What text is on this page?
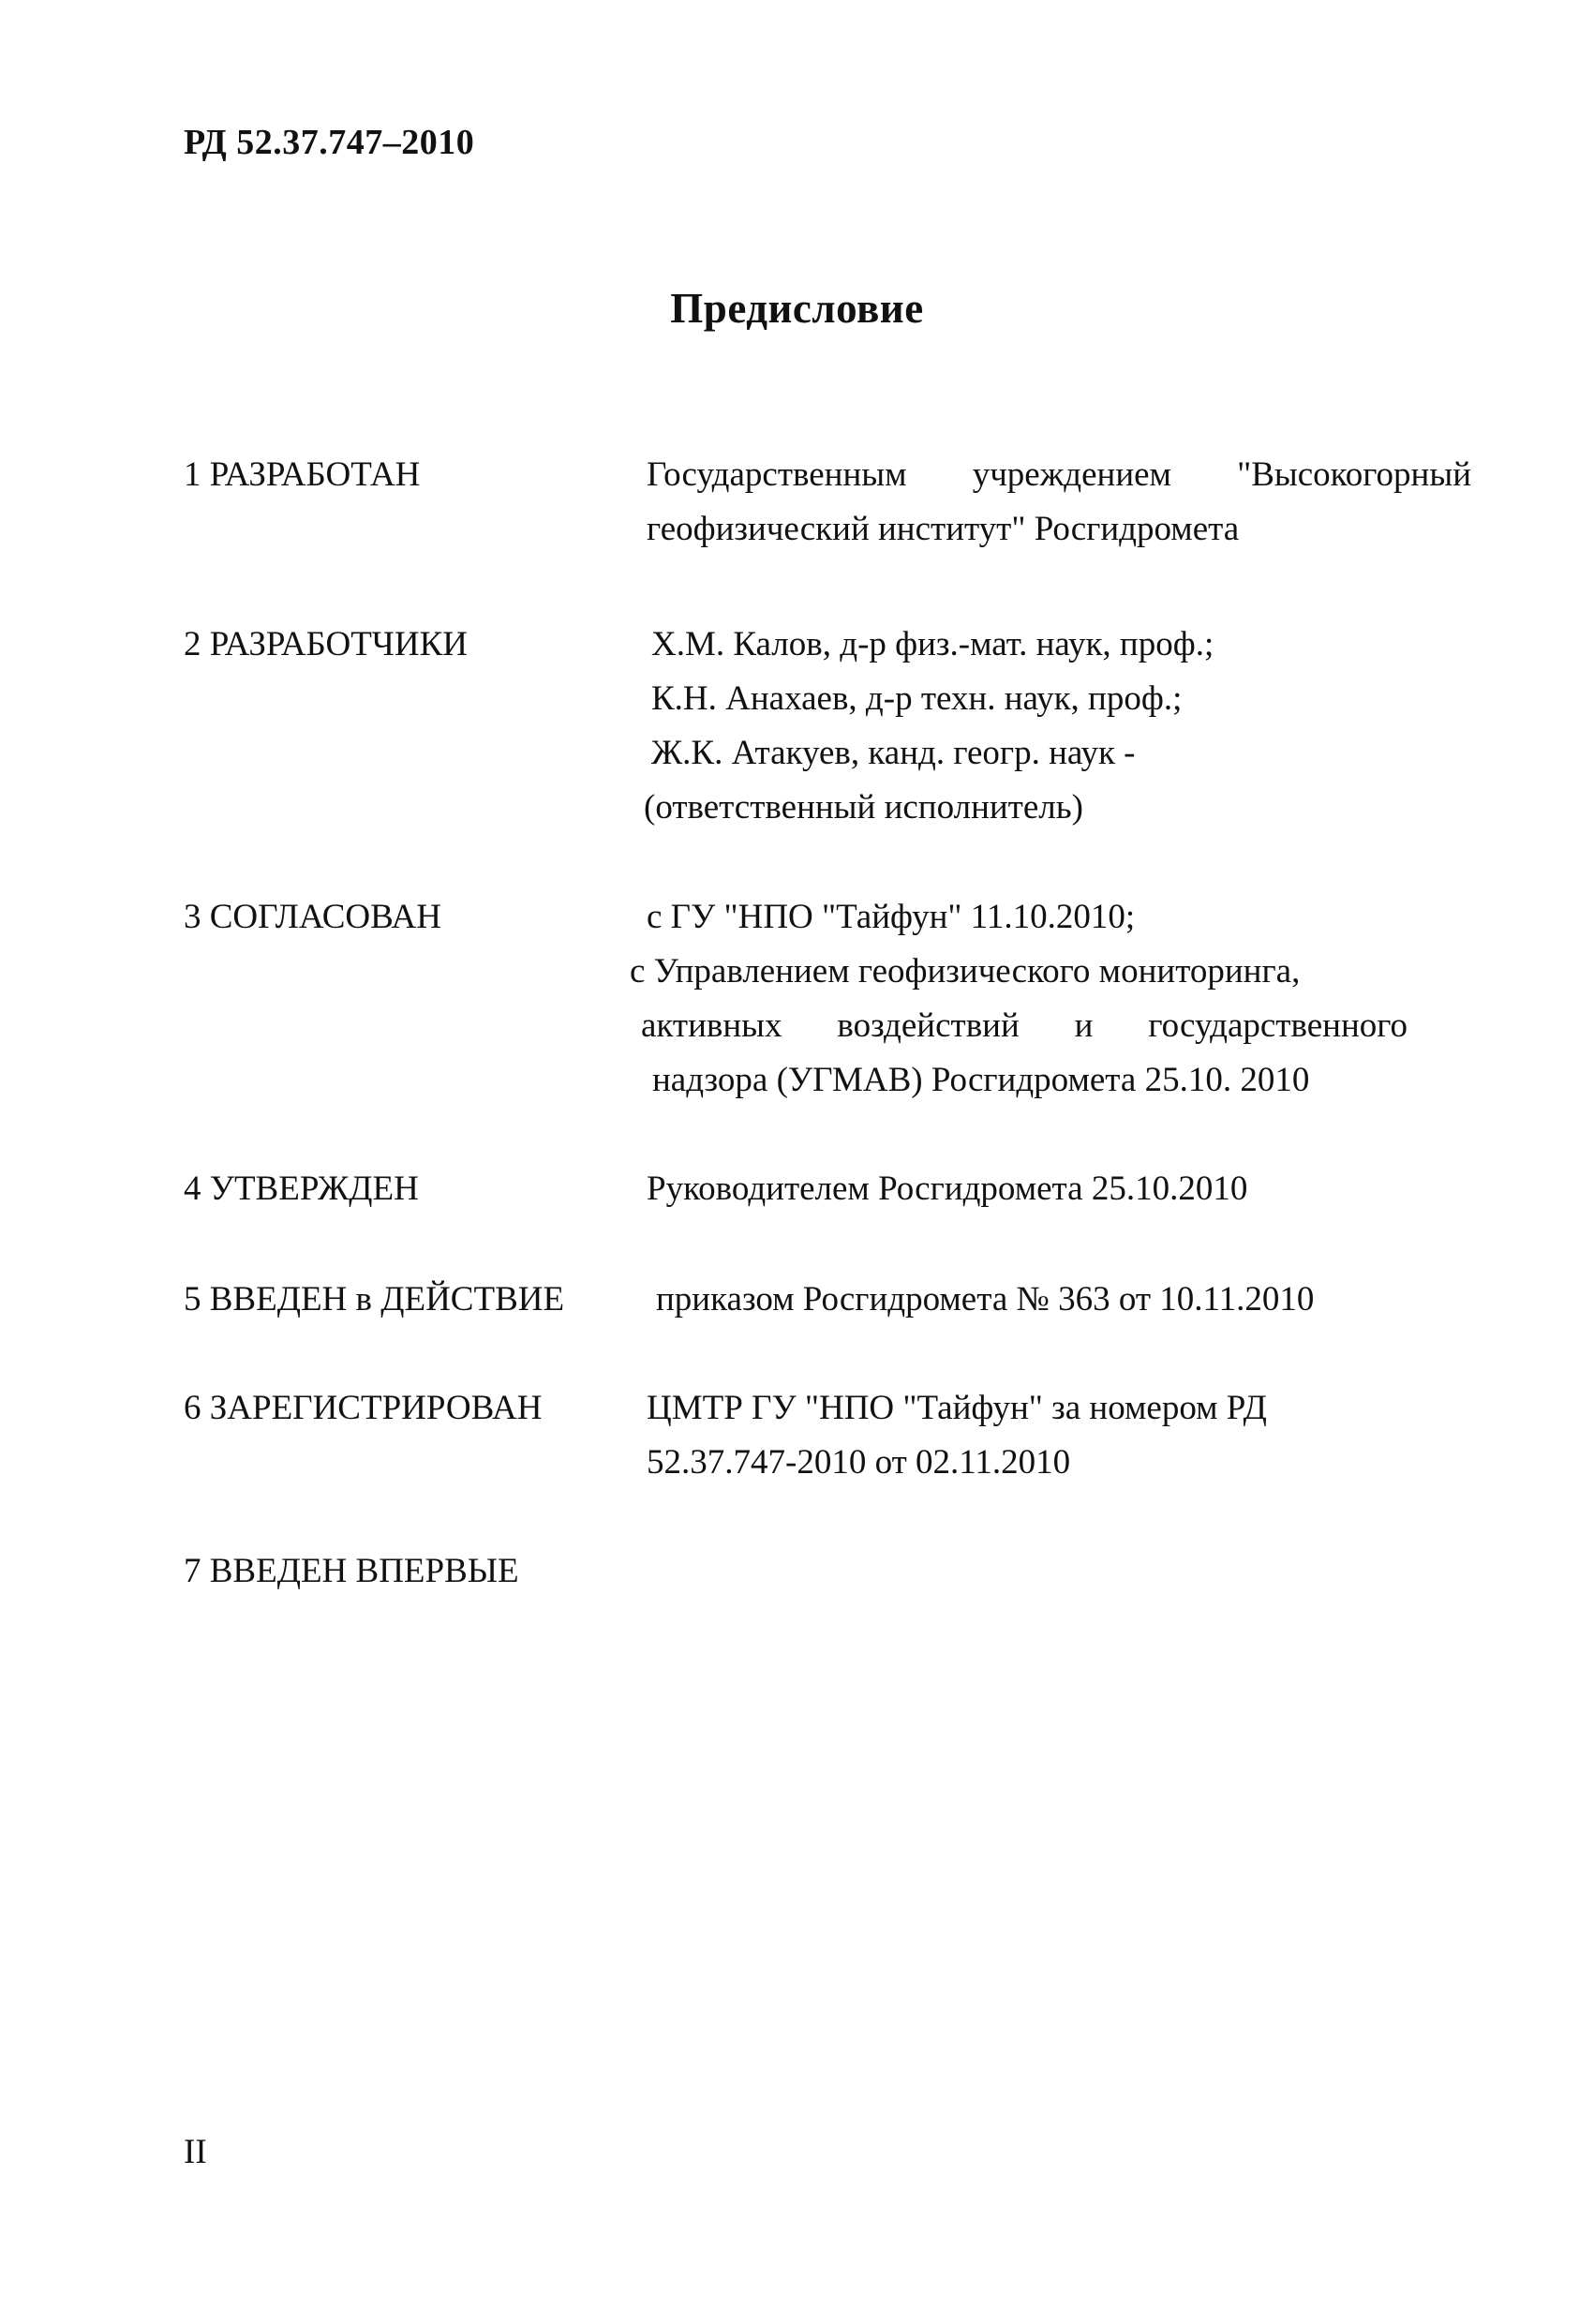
РД 52.37.747–2010
Предисловие
1 РАЗРАБОТАН	Государственным учреждением "Высокогорный
геофизический институт" Росгидромета
2 РАЗРАБОТЧИКИ	Х.М. Калов, д-р физ.-мат. наук, проф.;
К.Н. Анахаев, д-р техн. наук, проф.;
Ж.К. Атакуев, канд. геогр. наук -
(ответственный исполнитель)
3 СОГЛАСОВАН	с ГУ "НПО "Тайфун" 11.10.2010;
с Управлением геофизического мониторинга,
активных воздействий и государственного
надзора (УГМАВ) Росгидромета 25.10. 2010
4 УТВЕРЖДЕН	Руководителем Росгидромета 25.10.2010
5 ВВЕДЕН в ДЕЙСТВИЕ	приказом Росгидромета № 363 от 10.11.2010
6 ЗАРЕГИСТРИРОВАН	ЦМТР ГУ "НПО "Тайфун" за номером РД
52.37.747-2010 от 02.11.2010
7 ВВЕДЕН ВПЕРВЫЕ
II
